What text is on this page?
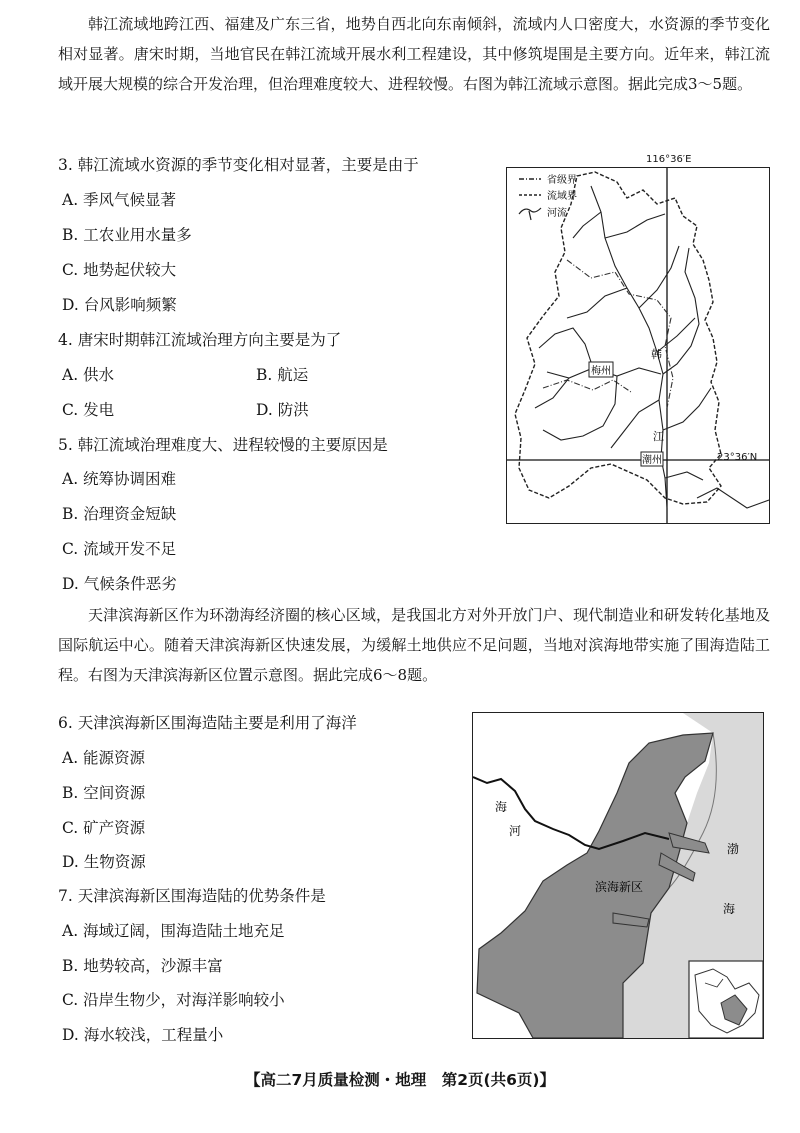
韩江流域地跨江西、福建及广东三省，地势自西北向东南倾斜，流域内人口密度大，水资源的季节变化相对显著。唐宋时期，当地官民在韩江流域开展水利工程建设，其中修筑堤围是主要方向。近年来，韩江流域开展大规模的综合开发治理，但治理难度较大、进程较慢。右图为韩江流域示意图。据此完成3～5题。

3. 韩江流域水资源的季节变化相对显著，主要是由于
A. 季风气候显著
B. 工农业用水量多
C. 地势起伏较大
D. 台风影响频繁
4. 唐宋时期韩江流域治理方向主要是为了
A. 供水	B. 航运
C. 发电	D. 防洪
5. 韩江流域治理难度大、进程较慢的主要原因是
A. 统筹协调困难
B. 治理资金短缺
C. 流域开发不足
D. 气候条件恶劣
省级界
流域界
河流
梅州
潮州
韩
江
116°36′E
23°36′N

天津滨海新区作为环渤海经济圈的核心区域，是我国北方对外开放门户、现代制造业和研发转化基地及国际航运中心。随着天津滨海新区快速发展，为缓解土地供应不足问题，当地对滨海地带实施了围海造陆工程。右图为天津滨海新区位置示意图。据此完成6～8题。

6. 天津滨海新区围海造陆主要是利用了海洋
A. 能源资源
B. 空间资源
C. 矿产资源
D. 生物资源
7. 天津滨海新区围海造陆的优势条件是
A. 海域辽阔，围海造陆土地充足
B. 地势较高，沙源丰富
C. 沿岸生物少，对海洋影响较小
D. 海水较浅，工程量小
海
河
滨海新区
渤
海
【高二7月质量检测・地理　第2页(共6页)】
